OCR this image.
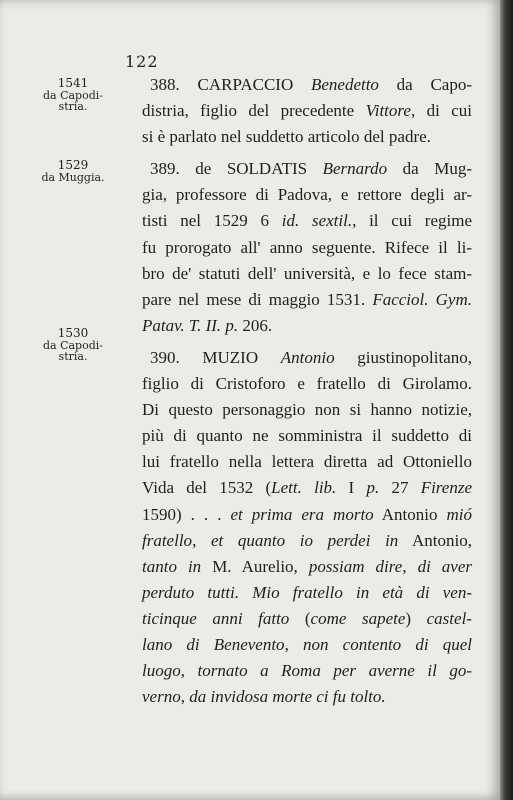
122
1541
da Capodi-
stria.
1529
da Muggia.
1530
da Capodi-
stria.
388. CARPACCIO Benedetto da Capo-
distria, figlio del precedente Vittore, di cui
si è parlato nel suddetto articolo del padre.
389. de SOLDATIS Bernardo da Mug-
gia, professore di Padova, e rettore degli ar-
tisti nel 1529 6 id. sextil., il cui regime
fu prorogato all' anno seguente. Rifece il li-
bro de' statuti dell' università, e lo fece stam-
pare nel mese di maggio 1531. Facciol. Gym.
Patav. T. II. p. 206.
390. MUZIO Antonio giustinopolitano,
figlio di Cristoforo e fratello di Girolamo.
Di questo personaggio non si hanno notizie,
più di quanto ne somministra il suddetto di
lui fratello nella lettera diretta ad Ottoniello
Vida del 1532 (Lett. lib. I p. 27 Firenze
1590) . . . et prima era morto Antonio mió
fratello, et quanto io perdei in Antonio,
tanto in M. Aurelio, possiam dire, di aver
perduto tutti. Mio fratello in età di ven-
ticinque anni fatto (come sapete) castel-
lano di Benevento, non contento di quel
luogo, tornato a Roma per averne il go-
verno, da invidosa morte ci fu tolto.
